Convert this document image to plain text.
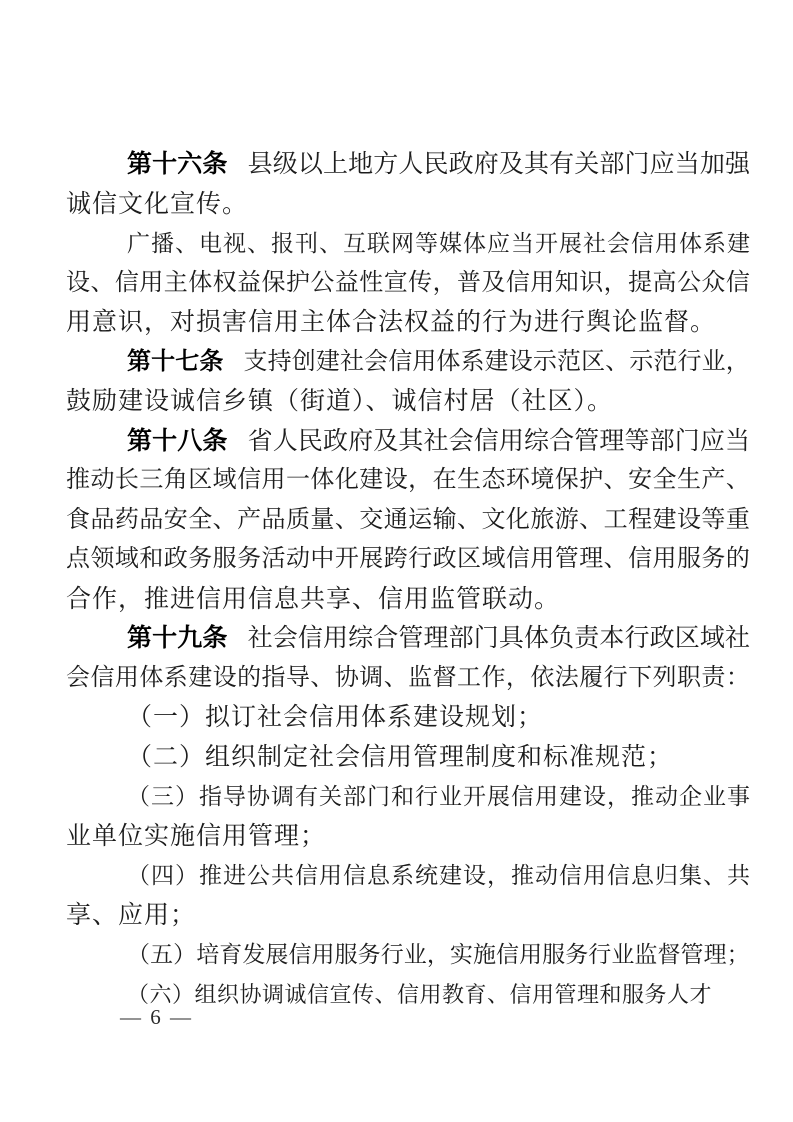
第 十 六 条 县 级 以 上 地 方 人 民 政 府 及 其 有 关 部 门 应 当 加 强
诚信文化宣传。
广 播 、 电 视 、 报 刊 、 互 联 网 等 媒 体 应 当 开 展 社 会 信 用 体 系 建
设 、 信 用 主 体 权 益 保 护 公 益 性 宣 传 ， 普 及 信 用 知 识 ， 提 高 公 众 信
用意识，对损害信用主体合法权益的行为进行舆论监督。
第 十 七 条 支 持 创 建 社 会 信 用 体 系 建 设 示 范 区 、 示 范 行 业 ，
鼓励建设诚信乡镇（街道）、诚信村居（社区）。
第 十 八 条 省 人 民 政 府 及 其 社 会 信 用 综 合 管 理 等 部 门 应 当
推 动 长 三 角 区 域 信 用 一 体 化 建 设 ， 在 生 态 环 境 保 护 、 安 全 生 产 、
食 品 药 品 安 全 、 产 品 质 量 、 交 通 运 输 、 文 化 旅 游 、 工 程 建 设 等 重
点 领 域 和 政 务 服 务 活 动 中 开 展 跨 行 政 区 域 信 用 管 理 、 信 用 服 务 的
合作，推进信用信息共享、信用监管联动。
第 十 九 条 社 会 信 用 综 合 管 理 部 门 具 体 负 责 本 行 政 区 域 社
会 信 用 体 系 建 设 的 指 导 、 协 调 、 监 督 工 作 ， 依 法 履 行 下 列 职 责 ：
（一）拟订社会信用体系建设规划；
（二）组织制定社会信用管理制度和标准规范；
（ 三 ） 指 导 协 调 有 关 部 门 和 行 业 开 展 信 用 建 设 ， 推 动 企 业 事
业单位实施信用管理；
（ 四 ） 推 进 公 共 信 用 信 息 系 统 建 设 ， 推 动 信 用 信 息 归 集 、 共
享、应用；
（ 五 ） 培 育 发 展 信 用 服 务 行 业 ， 实 施 信 用 服 务 行 业 监 督 管 理 ；
（六）组织协调诚信宣传、信用教育、信用管理和服务人才
— 6 —
